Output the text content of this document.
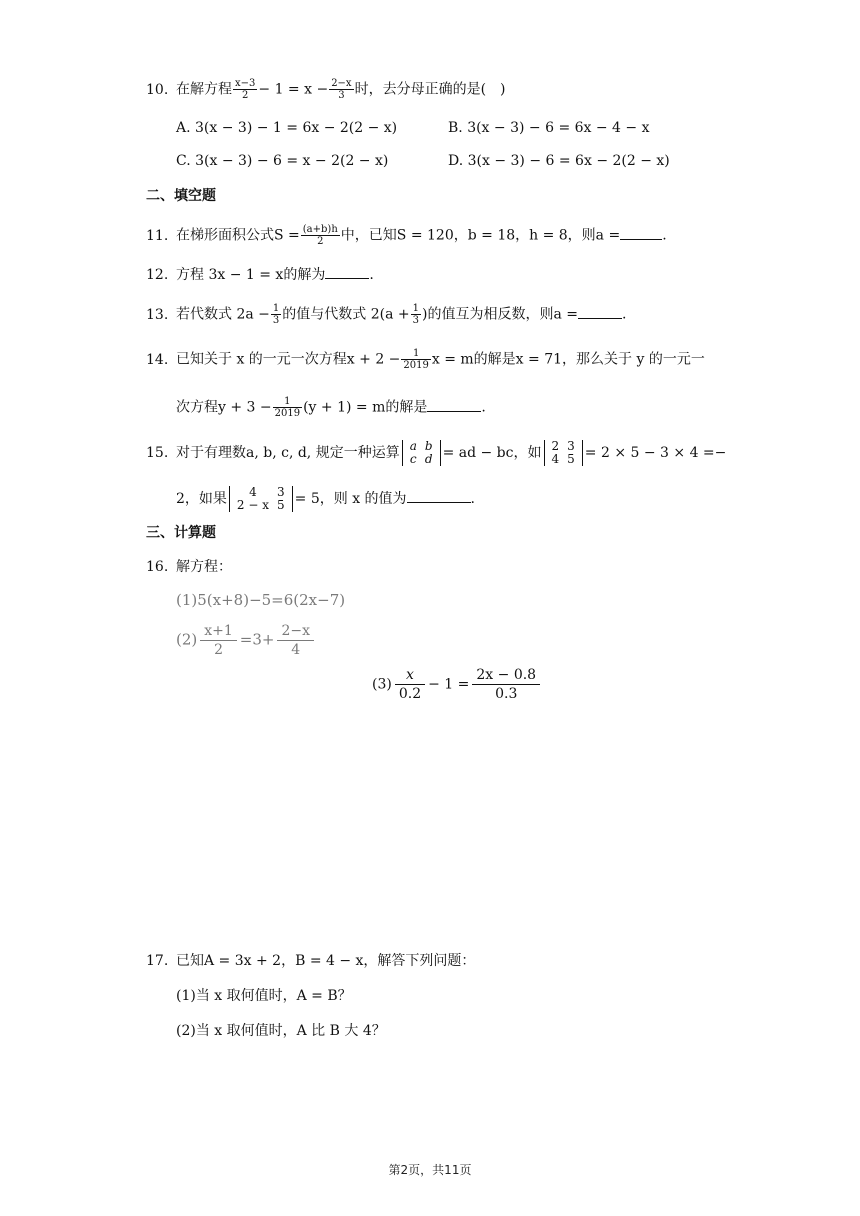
10. 在解方程 $\frac{x-3}{2} - 1 = x - \frac{2-x}{3}$ 时，去分母正确的是(　)
A. 3(x − 3) − 1 = 6x − 2(2 − x)	B. 3(x − 3) − 6 = 6x − 4 − x
C. 3(x − 3) − 6 = x − 2(2 − x)	D. 3(x − 3) − 6 = 6x − 2(2 − x)
二、填空题
11. 在梯形面积公式$S = \frac{(a+b)h}{2}$ 中，已知S = 120，b = 18，h = 8，则a =	.
12. 方程 3x − 1 = x的解为	.
13. 若代数式 $2a - \frac{1}{3}$ 的值与代数式 $2(a + \frac{1}{3}$ )的值互为相反数，则a =	.
14. 已知关于 x 的一元一次方程$x + 2 - \frac{1}{2019}$ x = m的解是x = 71，那么关于 y 的一元一
次方程$y + 3 - \frac{1}{2019} (y + 1) = m$的解是	.
15. 对于有理数a, b, c, d, 规定一种运算 a	b
c	d = ad − bc，如 2	3
4	5 = 2 × 5 − 3 × 4 =−
2，如果 4	3
2 − x	5 = 5，则 x 的值为	.
三、计算题
16. 解方程：
(1)5(x+8)−5=6(2x−7)
$(2) \frac{x+1}{2} =3+ \frac{2-x}{4}$
$(3) \frac{x}{0.2} - 1 = \frac{2x - 0.8}{0.3}$
17. 已知A = 3x + 2，B = 4 − x，解答下列问题：
(1)当 x 取何值时，A = B？
(2)当 x 取何值时，A 比 B 大 4？
第2页，共11页
